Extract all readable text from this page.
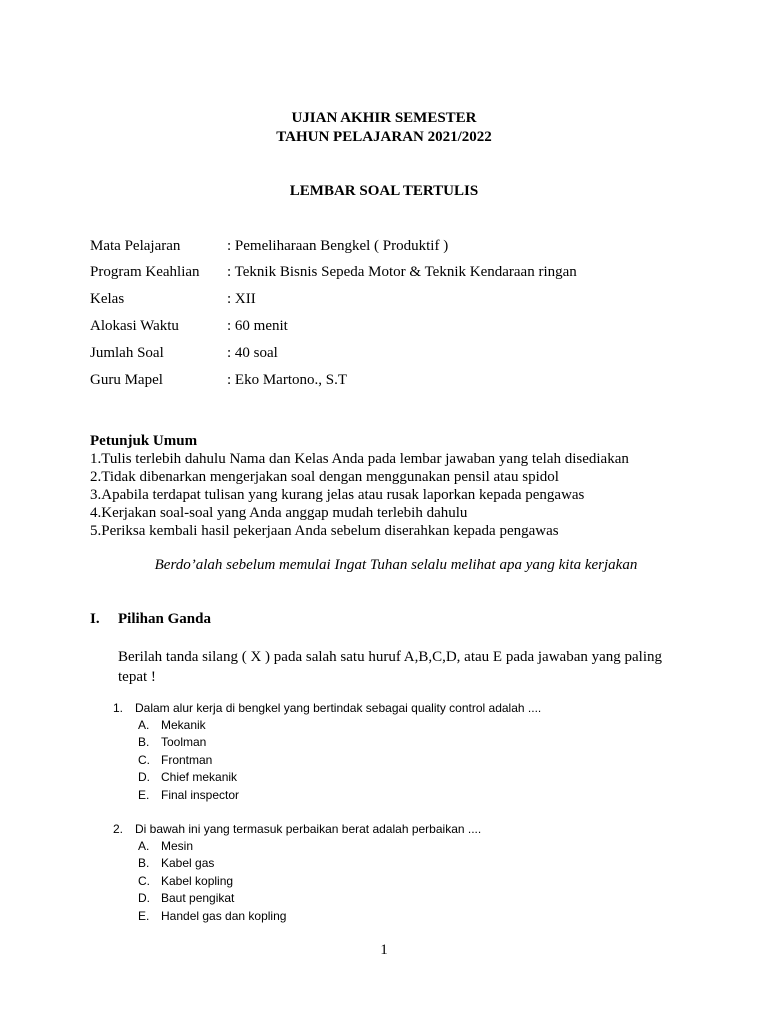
UJIAN AKHIR SEMESTER
TAHUN PELAJARAN 2021/2022
LEMBAR SOAL TERTULIS
Mata Pelajaran	: Pemeliharaan Bengkel ( Produktif )
Program Keahlian : Teknik Bisnis Sepeda Motor & Teknik Kendaraan ringan
Kelas	: XII
Alokasi Waktu	: 60 menit
Jumlah Soal	: 40 soal
Guru Mapel	: Eko Martono., S.T
Petunjuk Umum
1.Tulis terlebih dahulu Nama dan Kelas Anda pada lembar jawaban yang telah disediakan
2.Tidak dibenarkan mengerjakan soal dengan menggunakan pensil atau spidol
3.Apabila terdapat tulisan yang kurang jelas atau rusak laporkan kepada pengawas
4.Kerjakan soal-soal yang Anda anggap mudah terlebih dahulu
5.Periksa kembali hasil pekerjaan Anda sebelum diserahkan kepada pengawas
Berdo’alah sebelum memulai Ingat Tuhan selalu melihat apa yang kita kerjakan
I. Pilihan Ganda
Berilah tanda silang ( X ) pada salah satu huruf A,B,C,D, atau E pada jawaban yang paling tepat !
1. Dalam alur kerja di bengkel yang bertindak sebagai quality control adalah ....
A. Mekanik
B. Toolman
C. Frontman
D. Chief mekanik
E. Final inspector
2. Di bawah ini yang termasuk perbaikan berat adalah perbaikan ....
A. Mesin
B. Kabel gas
C. Kabel kopling
D. Baut pengikat
E. Handel gas dan kopling
1
